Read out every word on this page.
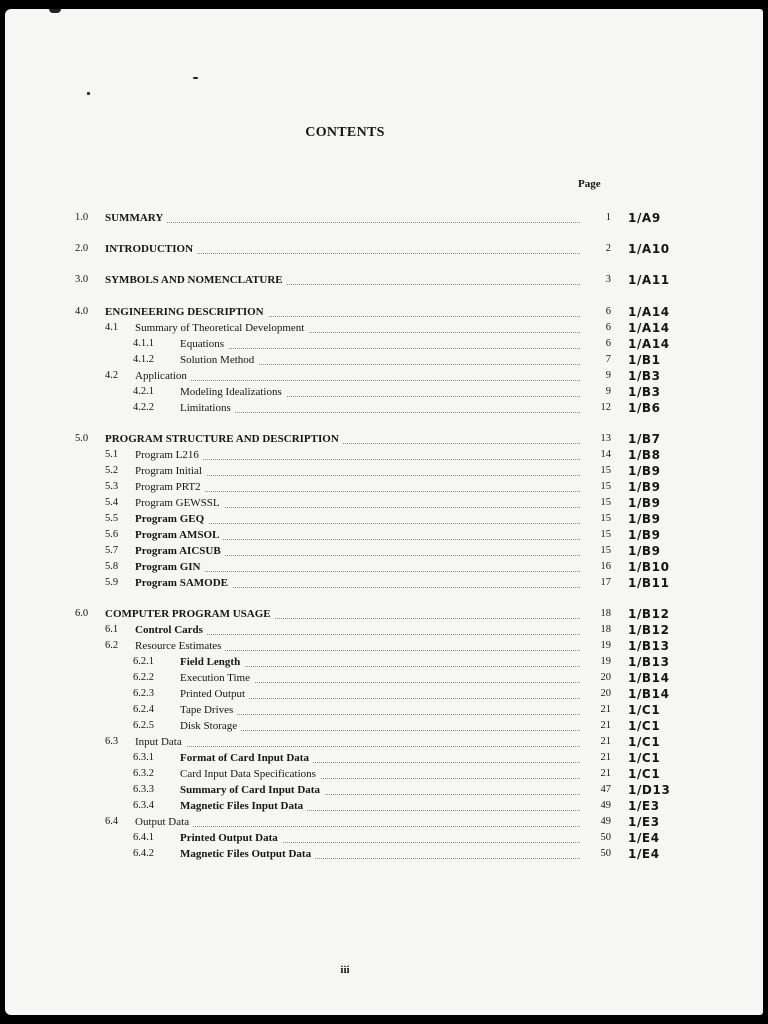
CONTENTS
Page
1.0 SUMMARY	1 1/A9
2.0 INTRODUCTION	2 1/A10
3.0 SYMBOLS AND NOMENCLATURE	3 1/A11
4.0 ENGINEERING DESCRIPTION	6 1/A14
4.1 Summary of Theoretical Development	6 1/A14
4.1.1 Equations	6 1/A14
4.1.2 Solution Method	7 1/B1
4.2 Application	9 1/B3
4.2.1 Modeling Idealizations	9 1/B3
4.2.2 Limitations	12 1/B6
5.0 PROGRAM STRUCTURE AND DESCRIPTION	13 1/B7
5.1 Program L216	14 1/B8
5.2 Program Initial	15 1/B9
5.3 Program PRT2	15 1/B9
5.4 Program GEWSSL	15 1/B9
5.5 Program GEQ	15 1/B9
5.6 Program AMSOL	15 1/B9
5.7 Program AICSUB	15 1/B9
5.8 Program GIN	16 1/B10
5.9 Program SAMODE	17 1/B11
6.0 COMPUTER PROGRAM USAGE	18 1/B12
6.1 Control Cards	18 1/B12
6.2 Resource Estimates	19 1/B13
6.2.1 Field Length	19 1/B13
6.2.2 Execution Time	20 1/B14
6.2.3 Printed Output	20 1/B14
6.2.4 Tape Drives	21 1/C1
6.2.5 Disk Storage	21 1/C1
6.3 Input Data	21 1/C1
6.3.1 Format of Card Input Data	21 1/C1
6.3.2 Card Input Data Specifications	21 1/C1
6.3.3 Summary of Card Input Data	47 1/D13
6.3.4 Magnetic Files Input Data	49 1/E3
6.4 Output Data	49 1/E3
6.4.1 Printed Output Data	50 1/E4
6.4.2 Magnetic Files Output Data	50 1/E4
iii
